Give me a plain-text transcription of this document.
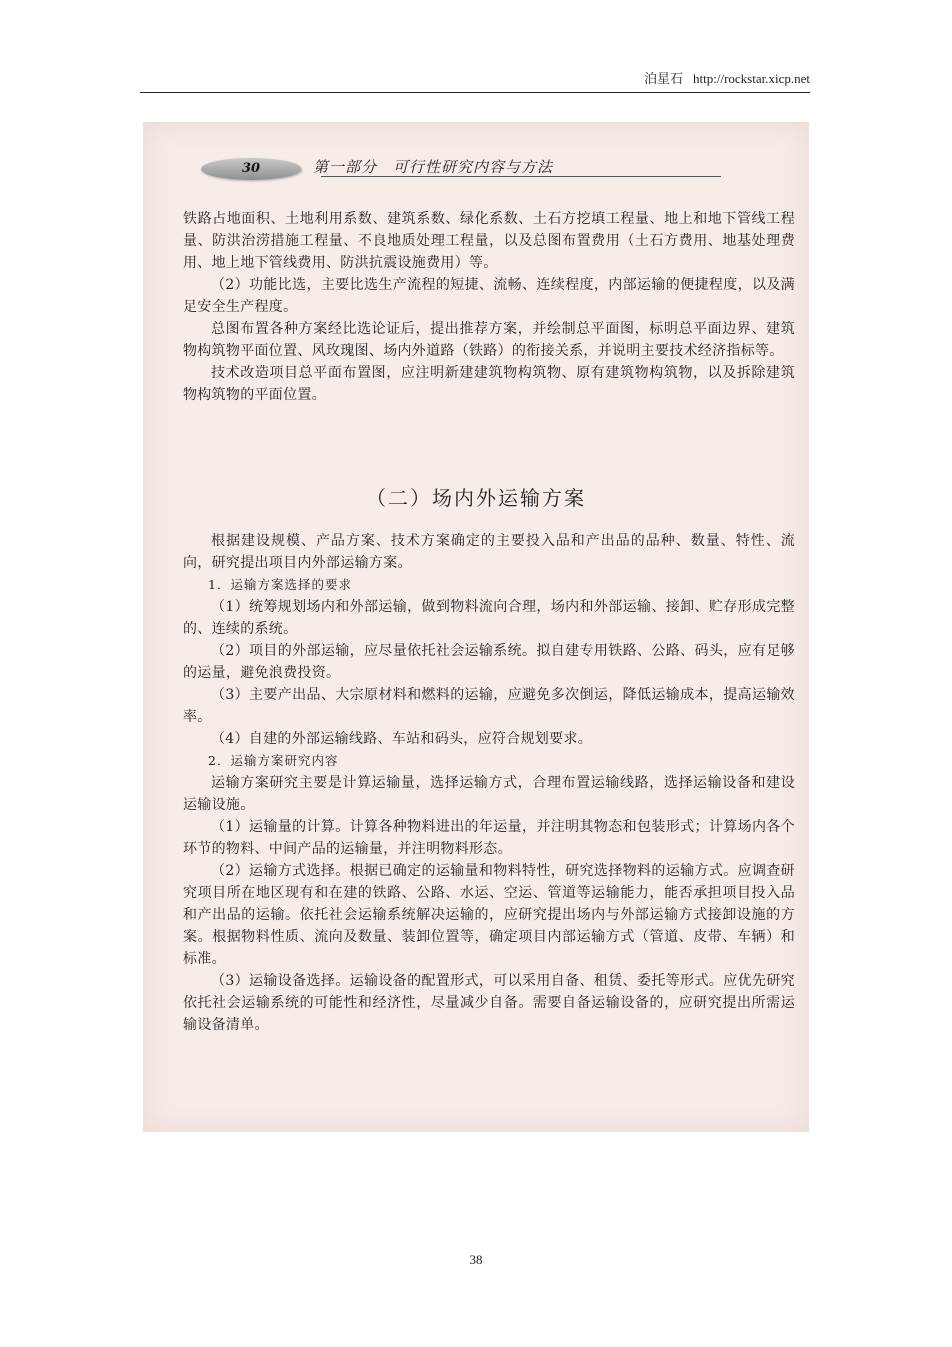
泊星石 http://rockstar.xicp.net
30	第一部分　可行性研究内容与方法

铁路占地面积、土地利用系数、建筑系数、绿化系数、土石方挖填工程量、地上和地下管线工程量、防洪治涝措施工程量、不良地质处理工程量，以及总图布置费用（土石方费用、地基处理费用、地上地下管线费用、防洪抗震设施费用）等。

（2）功能比选，主要比选生产流程的短捷、流畅、连续程度，内部运输的便捷程度，以及满足安全生产程度。

总图布置各种方案经比选论证后，提出推荐方案，并绘制总平面图，标明总平面边界、建筑物构筑物平面位置、风玫瑰图、场内外道路（铁路）的衔接关系，并说明主要技术经济指标等。

技术改造项目总平面布置图，应注明新建建筑物构筑物、原有建筑物构筑物，以及拆除建筑物构筑物的平面位置。

（二）场内外运输方案

根据建设规模、产品方案、技术方案确定的主要投入品和产出品的品种、数量、特性、流向，研究提出项目内外部运输方案。

1．运输方案选择的要求

（1）统筹规划场内和外部运输，做到物料流向合理，场内和外部运输、接卸、贮存形成完整的、连续的系统。

（2）项目的外部运输，应尽量依托社会运输系统。拟自建专用铁路、公路、码头，应有足够的运量，避免浪费投资。

（3）主要产出品、大宗原材料和燃料的运输，应避免多次倒运，降低运输成本，提高运输效率。

（4）自建的外部运输线路、车站和码头，应符合规划要求。

2．运输方案研究内容

运输方案研究主要是计算运输量，选择运输方式，合理布置运输线路，选择运输设备和建设运输设施。

（1）运输量的计算。计算各种物料进出的年运量，并注明其物态和包装形式；计算场内各个环节的物料、中间产品的运输量，并注明物料形态。

（2）运输方式选择。根据已确定的运输量和物料特性，研究选择物料的运输方式。应调查研究项目所在地区现有和在建的铁路、公路、水运、空运、管道等运输能力，能否承担项目投入品和产出品的运输。依托社会运输系统解决运输的，应研究提出场内与外部运输方式接卸设施的方案。根据物料性质、流向及数量、装卸位置等，确定项目内部运输方式（管道、皮带、车辆）和标准。

（3）运输设备选择。运输设备的配置形式，可以采用自备、租赁、委托等形式。应优先研究依托社会运输系统的可能性和经济性，尽量减少自备。需要自备运输设备的，应研究提出所需运输设备清单。

38
